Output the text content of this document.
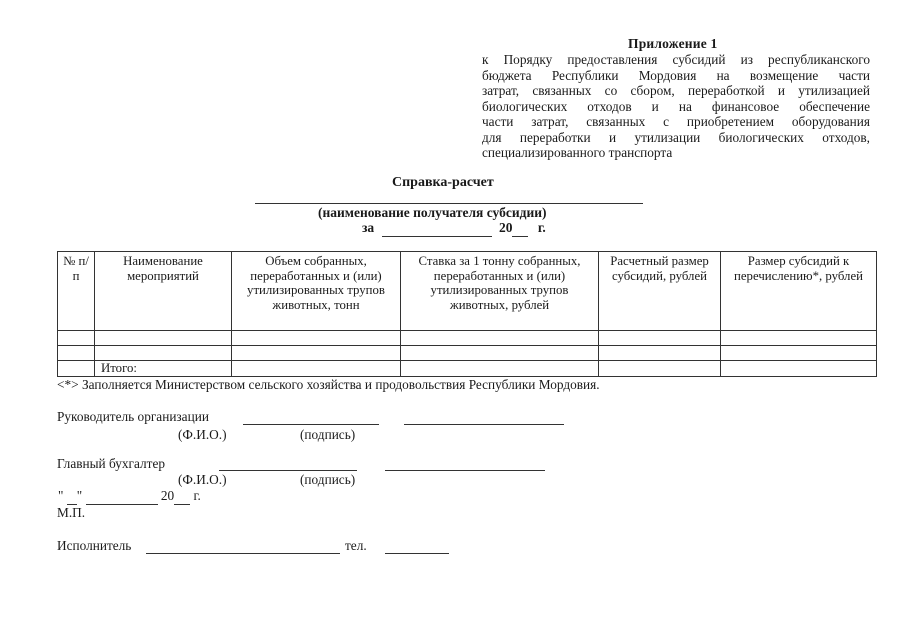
Приложение 1
к Порядку предоставления субсидий из республиканского
бюджета Республики Мордовия на возмещение части
затрат, связанных со сбором, переработкой и утилизацией
биологических отходов и на финансовое обеспечение
части затрат, связанных с приобретением оборудования
для переработки и утилизации биологических отходов,
специализированного транспорта
Справка-расчет
(наименование получателя субсидии)
за	20 г.
№ п/п	Наименование мероприятий	Объем собранных, переработанных и (или) утилизированных трупов животных, тонн	Ставка за 1 тонну собранных, переработанных и (или) утилизированных трупов животных, рублей	Расчетный размер субсидий, рублей	Размер субсидий к перечислению*, рублей

	Итого:				
<*> Заполняется Министерством сельского хозяйства и продовольствия Республики Мордовия.
Руководитель организации
(Ф.И.О.)	(подпись)
Главный бухгалтер
(Ф.И.О.)	(подпись)
" "	20 г.
М.П.
Исполнитель	тел.
